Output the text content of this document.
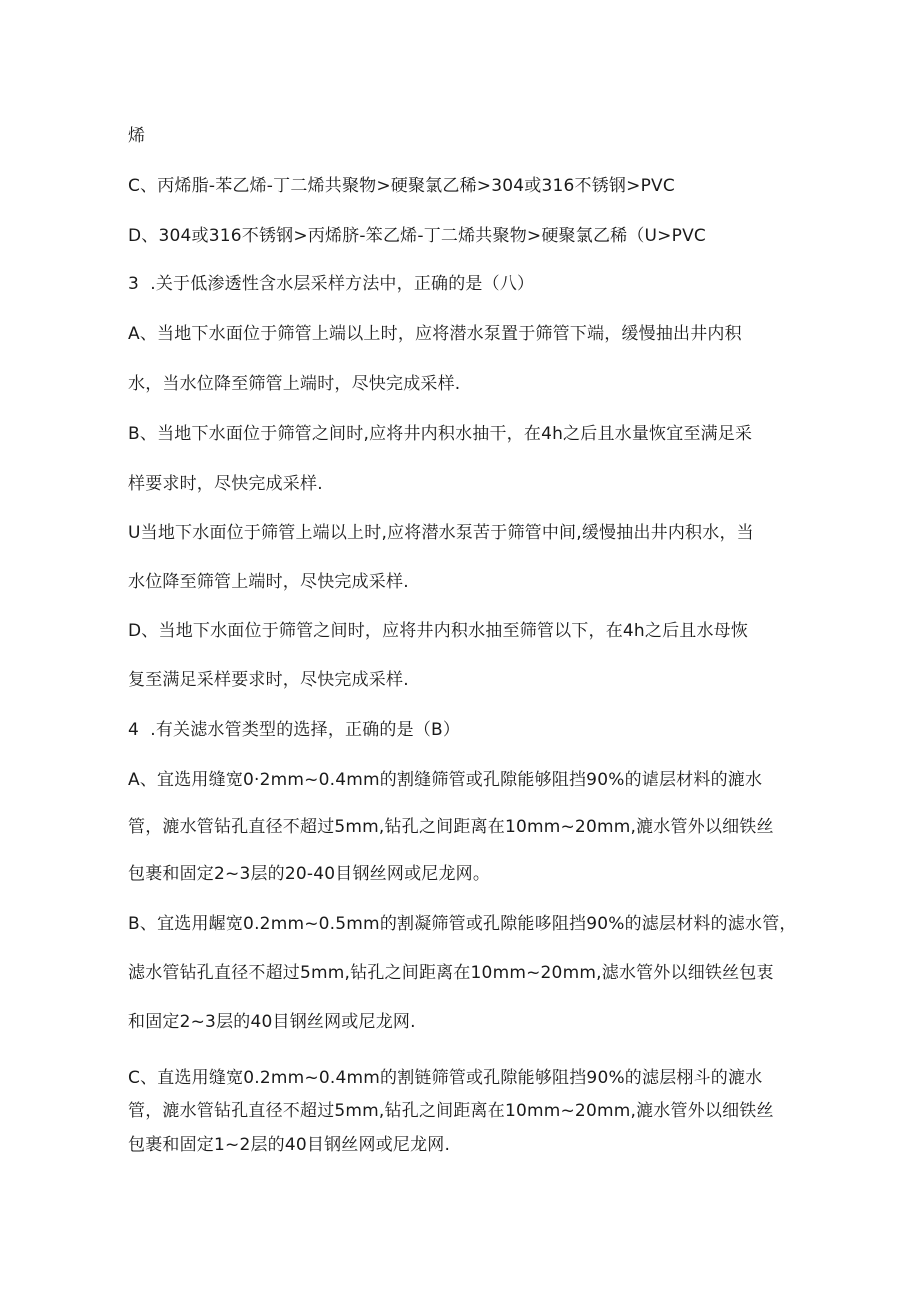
烯
C、丙烯脂-苯乙烯-丁二烯共聚物>硬聚氯乙稀>304或316不锈钢>PVC
D、304或316不锈钢>丙烯脐-笨乙烯-丁二烯共聚物>硬聚氯乙稀（U>PVC
3  .关于低渗透性含水层采样方法中，正确的是（八）
A、当地下水面位于筛管上端以上时，应将潜水泵置于筛管下端，缓慢抽出井内积
水，当水位降至筛管上端时，尽快完成采样.
B、当地下水面位于筛管之间时,应将井内积水抽干，在4h之后且水量恢宜至满足采
样要求时，尽快完成采样.
U当地下水面位于筛管上端以上时,应将潜水泵苦于筛管中间,缓慢抽出井内积水，当
水位降至筛管上端时，尽快完成采样.
D、当地下水面位于筛管之间时，应将井内积水抽至筛管以下，在4h之后且水母恢
复至满足采样要求时，尽快完成采样.
4  .有关滤水管类型的选择，正确的是（B）
A、宜选用缝宽0·2mm~0.4mm的割缝筛管或孔隙能够阻挡90%的谑层材料的漉水
管，漉水管钻孔直径不超过5mm,钻孔之间距离在10mm~20mm,漉水管外以细铁丝
包裹和固定2~3层的20-40目钢丝网或尼龙网。
B、宜选用龌宽0.2mm~0.5mm的割凝筛管或孔隙能哆阻挡90%的滤层材料的滤水管，
滤水管钻孔直径不超过5mm,钻孔之间距离在10mm~20mm,滤水管外以细铁丝包衷
和固定2~3层的40目钢丝网或尼龙网.
C、直选用缝宽0.2mm~0.4mm的割链筛管或孔隙能够阻挡90%的滤层栩斗的漉水
管，漉水管钻孔直径不超过5mm,钻孔之间距离在10mm~20mm,漉水管外以细铁丝
包裹和固定1~2层的40目钢丝网或尼龙网.
